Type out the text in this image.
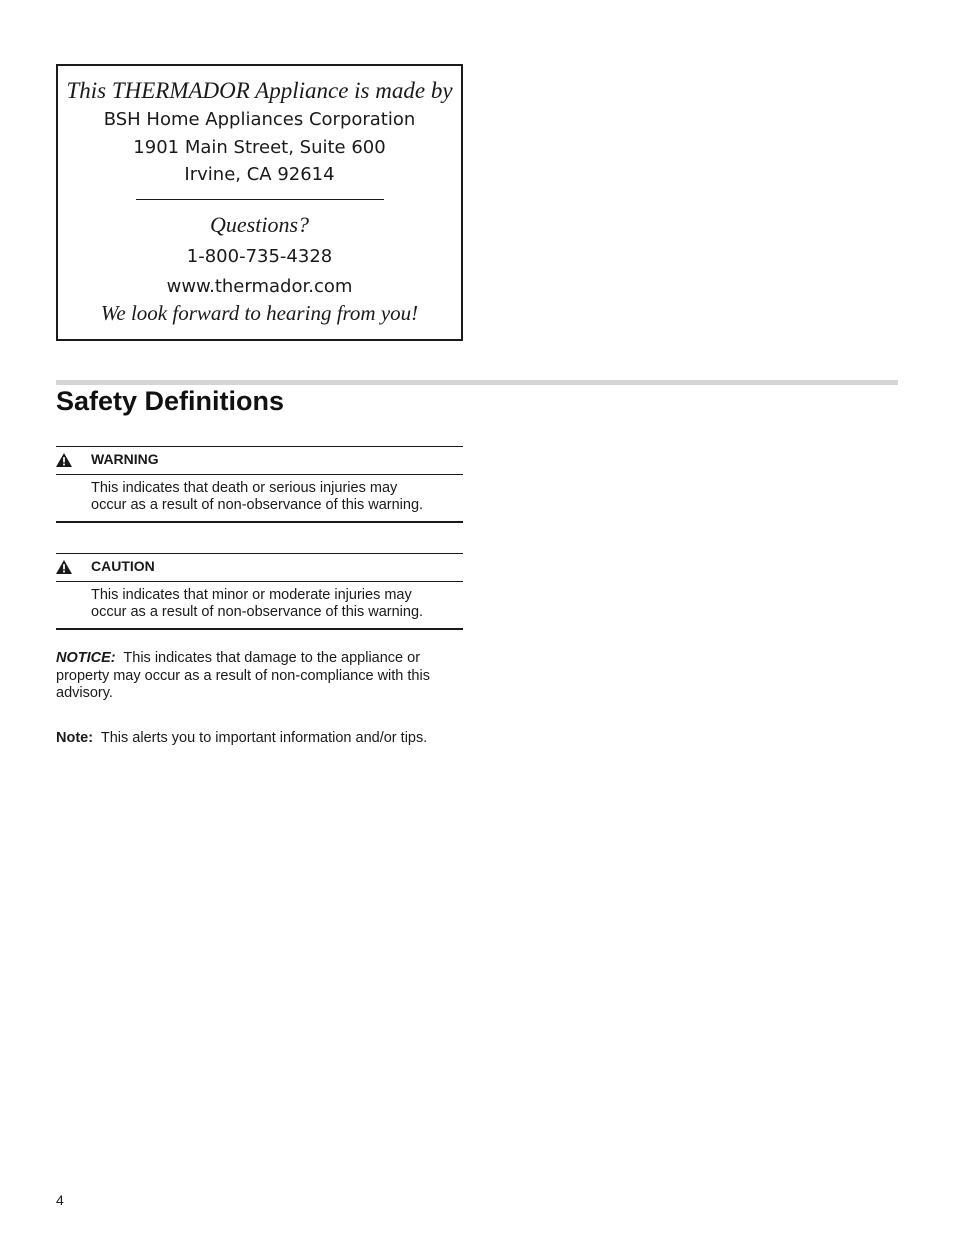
This THERMADOR Appliance is made by
BSH Home Appliances Corporation
1901 Main Street, Suite 600
Irvine, CA 92614
Questions?
1-800-735-4328
www.thermador.com
We look forward to hearing from you!
Safety Definitions
WARNING
This indicates that death or serious injuries may
occur as a result of non-observance of this warning.
CAUTION
This indicates that minor or moderate injuries may
occur as a result of non-observance of this warning.
NOTICE: This indicates that damage to the appliance or property may occur as a result of non-compliance with this advisory.
Note: This alerts you to important information and/or tips.
4
